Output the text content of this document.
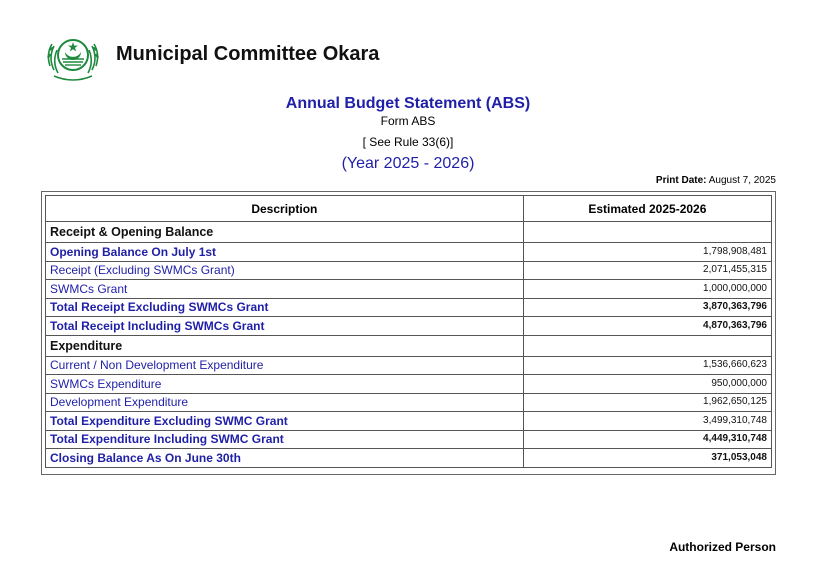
Municipal Committee Okara
Annual Budget Statement (ABS)
Form ABS
[ See Rule 33(6)]
(Year 2025 - 2026)
Print Date: August 7, 2025
Description	Estimated 2025-2026
Receipt & Opening Balance	
Opening Balance On July 1st	1,798,908,481
Receipt (Excluding SWMCs Grant)	2,071,455,315
SWMCs Grant	1,000,000,000
Total Receipt Excluding SWMCs Grant	3,870,363,796
Total Receipt Including SWMCs Grant	4,870,363,796
Expenditure	
Current / Non Development Expenditure	1,536,660,623
SWMCs Expenditure	950,000,000
Development Expenditure	1,962,650,125
Total Expenditure Excluding SWMC Grant	3,499,310,748
Total Expenditure Including SWMC Grant	4,449,310,748
Closing Balance As On June 30th	371,053,048
Authorized Person
